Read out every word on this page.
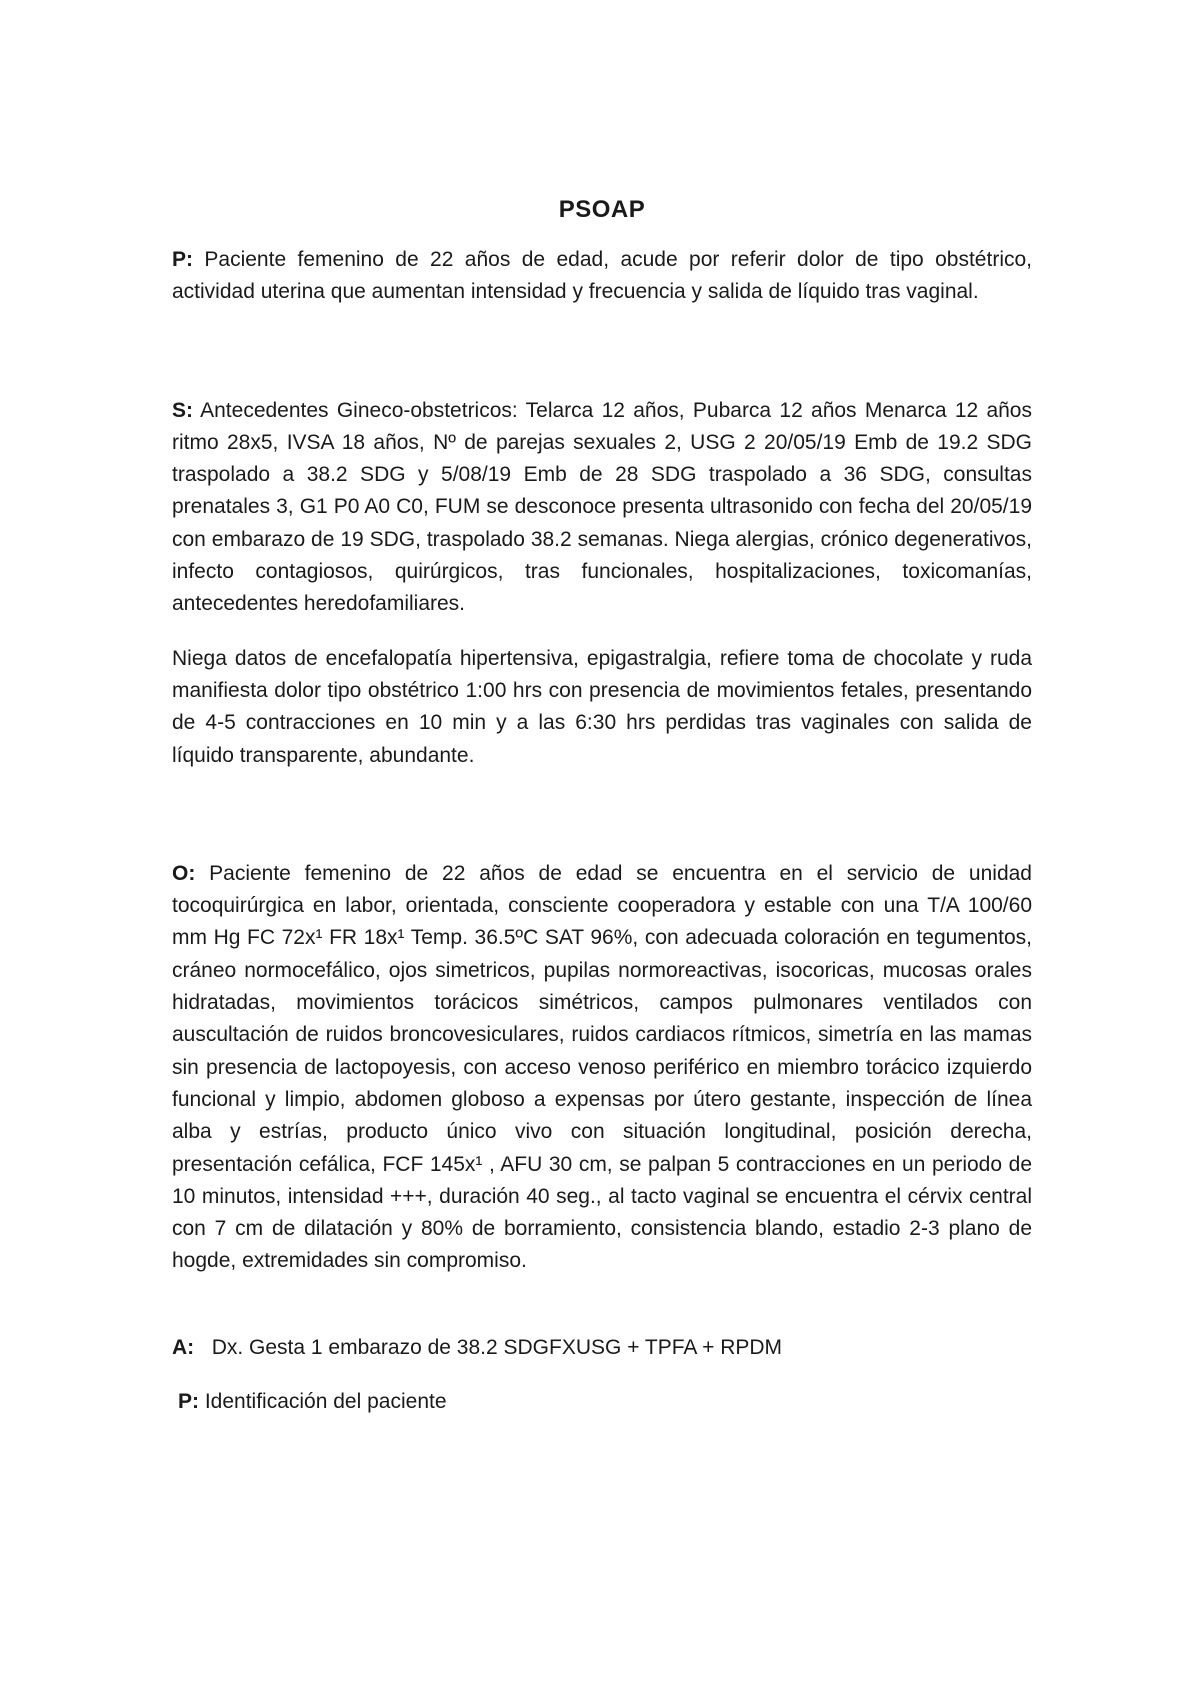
PSOAP

P: Paciente femenino de 22 años de edad, acude por referir dolor de tipo obstétrico, actividad uterina que aumentan intensidad y frecuencia y salida de líquido tras vaginal.

S: Antecedentes Gineco-obstetricos: Telarca 12 años, Pubarca 12 años Menarca 12 años ritmo 28x5, IVSA 18 años, Nº de parejas sexuales 2, USG 2 20/05/19 Emb de 19.2 SDG traspolado a 38.2 SDG y 5/08/19 Emb de 28 SDG traspolado a 36 SDG, consultas prenatales 3, G1 P0 A0 C0, FUM se desconoce presenta ultrasonido con fecha del 20/05/19 con embarazo de 19 SDG, traspolado 38.2 semanas. Niega alergias, crónico degenerativos, infecto contagiosos, quirúrgicos, tras funcionales, hospitalizaciones, toxicomanías, antecedentes heredofamiliares.

Niega datos de encefalopatía hipertensiva, epigastralgia, refiere toma de chocolate y ruda manifiesta dolor tipo obstétrico 1:00 hrs con presencia de movimientos fetales, presentando de 4-5 contracciones en 10 min y a las 6:30 hrs perdidas tras vaginales con salida de líquido transparente, abundante.

O: Paciente femenino de 22 años de edad se encuentra en el servicio de unidad tocoquirúrgica en labor, orientada, consciente cooperadora y estable con una T/A 100/60 mm Hg FC 72x¹ FR 18x¹ Temp. 36.5ºC SAT 96%, con adecuada coloración en tegumentos, cráneo normocefálico, ojos simetricos, pupilas normoreactivas, isocoricas, mucosas orales hidratadas, movimientos torácicos simétricos, campos pulmonares ventilados con auscultación de ruidos broncovesiculares, ruidos cardiacos rítmicos, simetría en las mamas sin presencia de lactopoyesis, con acceso venoso periférico en miembro torácico izquierdo funcional y limpio, abdomen globoso a expensas por útero gestante, inspección de línea alba y estrías, producto único vivo con situación longitudinal, posición derecha, presentación cefálica, FCF 145x¹ , AFU 30 cm, se palpan 5 contracciones en un periodo de 10 minutos, intensidad +++, duración 40 seg., al tacto vaginal se encuentra el cérvix central con 7 cm de dilatación y 80% de borramiento, consistencia blando, estadio 2-3 plano de hogde, extremidades sin compromiso.

A: Dx. Gesta 1 embarazo de 38.2 SDGFXUSG + TPFA + RPDM

P: Identificación del paciente
